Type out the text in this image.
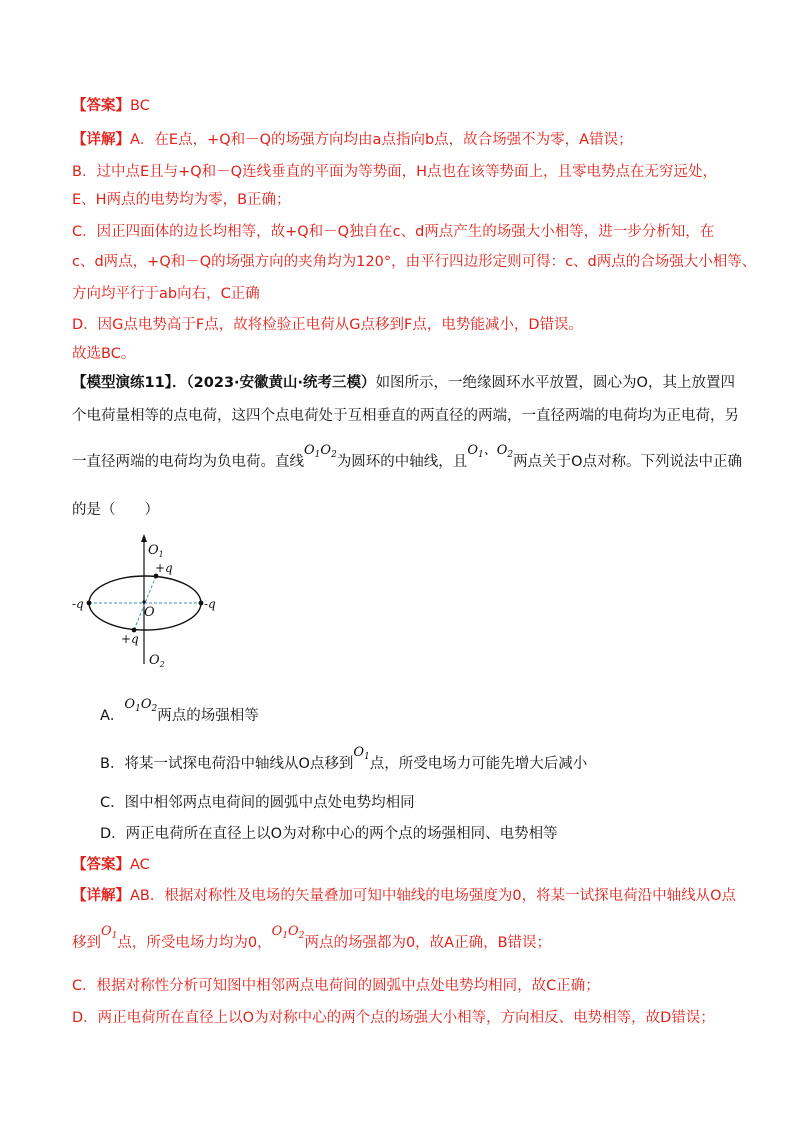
【答案】BC
【详解】A．在E点，+Q和－Q的场强方向均由a点指向b点，故合场强不为零，A错误；
B．过中点E且与+Q和－Q连线垂直的平面为等势面，H点也在该等势面上，且零电势点在无穷远处，
E、H两点的电势均为零，B正确；
C．因正四面体的边长均相等，故+Q和－Q独自在c、d两点产生的场强大小相等，进一步分析知，在
c、d两点，+Q和－Q的场强方向的夹角均为120°，由平行四边形定则可得：c、d两点的合场强大小相等、
方向均平行于ab向右，C正确
D．因G点电势高于F点，故将检验正电荷从G点移到F点，电势能减小，D错误。
故选BC。
【模型演练11】．（2023·安徽黄山·统考三模）如图所示，一绝缘圆环水平放置，圆心为O，其上放置四
个电荷量相等的点电荷，这四个点电荷处于互相垂直的两直径的两端，一直径两端的电荷均为正电荷，另
一直径两端的电荷均为负电荷。直线$O_1O_2$为圆环的中轴线，且$O_1$、$O_2$两点关于O点对称。下列说法中正确
的是（　　）
$O_1$
$O_2$
O
+q
+q
-q	-q
A．$O_1O_2$两点的场强相等
B．将某一试探电荷沿中轴线从O点移到$O_1$点，所受电场力可能先增大后减小
C．图中相邻两点电荷间的圆弧中点处电势均相同
D．两正电荷所在直径上以O为对称中心的两个点的场强相同、电势相等
【答案】AC
【详解】AB．根据对称性及电场的矢量叠加可知中轴线的电场强度为0，将某一试探电荷沿中轴线从O点
移到$O_1$点，所受电场力均为0，$O_1O_2$两点的场强都为0，故A正确，B错误；
C．根据对称性分析可知图中相邻两点电荷间的圆弧中点处电势均相同，故C正确；
D．两正电荷所在直径上以O为对称中心的两个点的场强大小相等，方向相反、电势相等，故D错误；
